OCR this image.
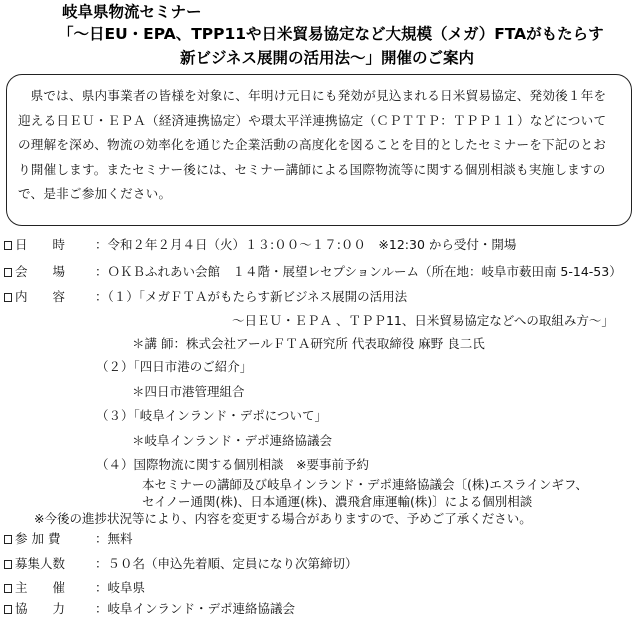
岐阜県物流セミナー
「～日EU・EPA、TPP11や日米貿易協定など大規模（メガ）FTAがもたらす
新ビジネス展開の活用法～」開催のご案内

県では、県内事業者の皆様を対象に、年明け元日にも発効が見込まれる日米貿易協定、発効後１年を迎える日ＥＵ・ＥＰＡ（経済連携協定）や環太平洋連携協定（ＣＰＴＴＰ：ＴＰＰ１１）などについての理解を深め、物流の効率化を通じた企業活動の高度化を図ることを目的としたセミナーを下記のとおり開催します。またセミナー後には、セミナー講師による国際物流等に関する個別相談も実施しますので、是非ご参加ください。

日　　時 ：令和２年２月４日（火）１３:００～１７:００　※12:30 から受付・開場
会　　場 ：ＯＫＢふれあい会館　１４階・展望レセプションルーム（所在地：岐阜市薮田南 5-14-53）
内　　容 ：（１）「メガＦＴＡがもたらす新ビジネス展開の活用法
～日ＥＵ・ＥＰＡ 、ＴＰＰ11、日米貿易協定などへの取組み方～」
＊講 師：株式会社アールＦＴＡ研究所 代表取締役 麻野 良二氏
（２）「四日市港のご紹介」
＊四日市港管理組合
（３）「岐阜インランド・デポについて」
＊岐阜インランド・デポ連絡協議会
（４）国際物流に関する個別相談　※要事前予約
本セミナーの講師及び岐阜インランド・デポ連絡協議会〔(株)エスラインギフ、
セイノー通関(株)、日本通運(株)、濃飛倉庫運輸(株)〕による個別相談
※今後の進捗状況等により、内容を変更する場合がありますので、予めご了承ください。
参 加 費	：無料
募集人数 ：５０名（申込先着順、定員になり次第締切）
主　　催 ：岐阜県
協　　力 ：岐阜インランド・デポ連絡協議会
